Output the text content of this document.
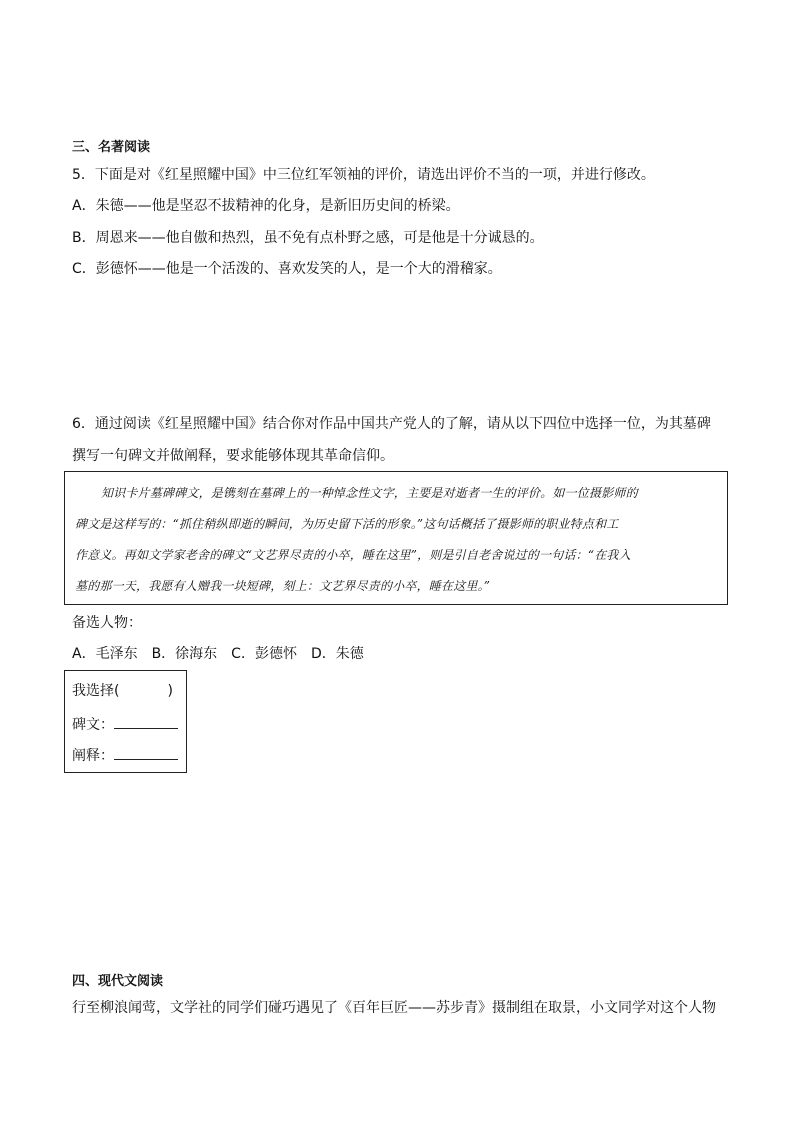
三、名著阅读
5．下面是对《红星照耀中国》中三位红军领袖的评价，请选出评价不当的一项，并进行修改。
A．朱德——他是坚忍不拔精神的化身，是新旧历史间的桥梁。
B．周恩来——他自傲和热烈，虽不免有点朴野之感，可是他是十分诚恳的。
C．彭德怀——他是一个活泼的、喜欢发笑的人，是一个大的滑稽家。
6．通过阅读《红星照耀中国》结合你对作品中国共产党人的了解，请从以下四位中选择一位，为其墓碑
撰写一句碑文并做阐释，要求能够体现其革命信仰。
知识卡片墓碑碑文，是镌刻在墓碑上的一种悼念性文字，主要是对逝者一生的评价。如一位摄影师的
碑文是这样写的：“抓住稍纵即逝的瞬间，为历史留下活的形象。”这句话概括了摄影师的职业特点和工
作意义。再如文学家老舍的碑文“文艺界尽责的小卒，睡在这里”，则是引自老舍说过的一句话：“在我入
墓的那一天，我愿有人赠我一块短碑，刻上：文艺界尽责的小卒，睡在这里。”
备选人物：
A．毛泽东　B．徐海东　C．彭德怀　D．朱德
我选择(	)
碑文：
阐释：
四、现代文阅读
行至柳浪闻莺，文学社的同学们碰巧遇见了《百年巨匠——苏步青》摄制组在取景，小文同学对这个人物
